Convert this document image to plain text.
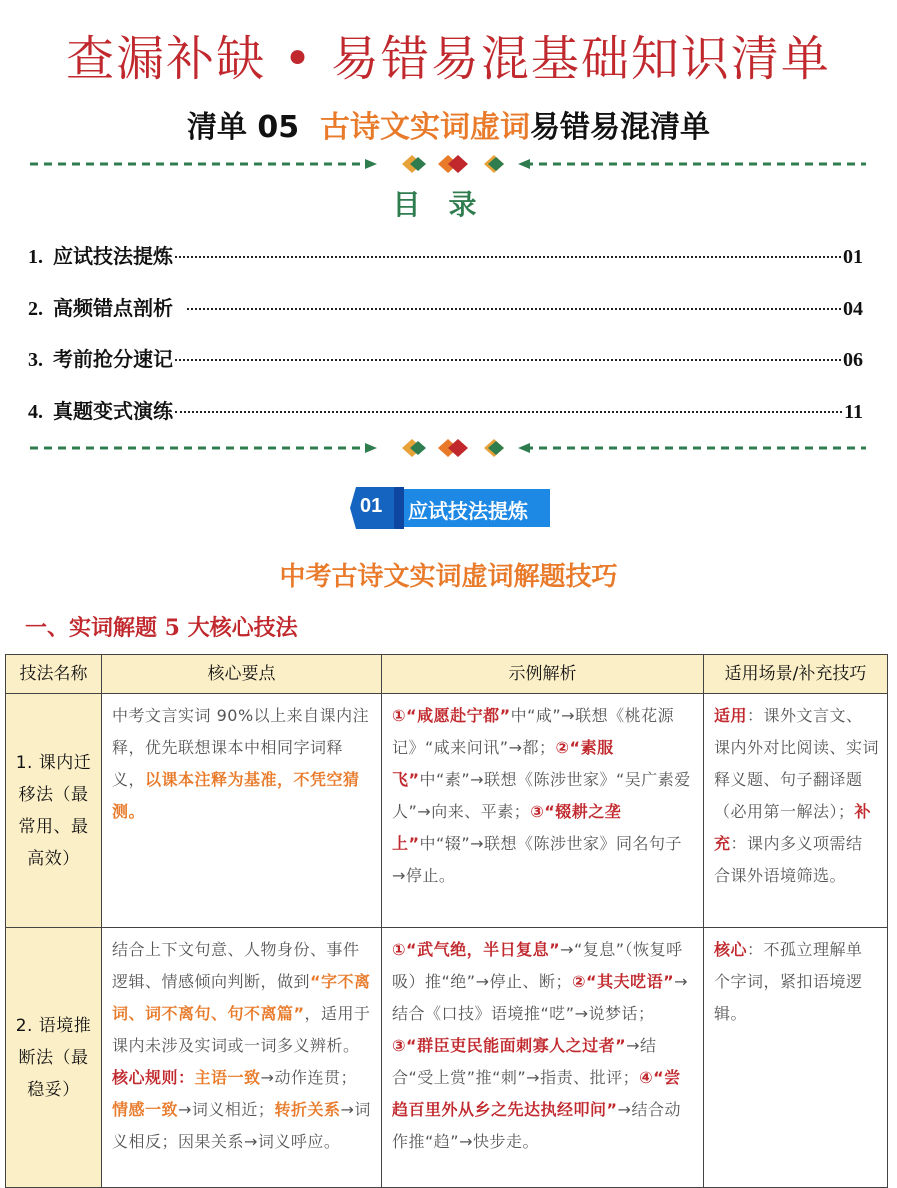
查漏补缺 • 易错易混基础知识清单
清单 05 古诗文实词虚词易错易混清单
目录
1. 应试技法提炼	01
2. 高频错点剖析	04
3. 考前抢分速记	06
4. 真题变式演练	11
01 应试技法提炼
中考古诗文实词虚词解题技巧
一、实词解题 5 大核心技法
技法名称	核心要点	示例解析	适用场景/补充技巧
1. 课内迁移法（最常用、最高效）	中考文言实词 90%以上来自课内注释，优先联想课本中相同字词释义，以课本注释为基准，不凭空猜测。	①“咸愿赴宁都”中“咸”→联想《桃花源记》“咸来问讯”→都；②“素服飞”中“素”→联想《陈涉世家》“吴广素爱人”→向来、平素；③“辍耕之垄上”中“辍”→联想《陈涉世家》同名句子→停止。	适用：课外文言文、课内外对比阅读、实词释义题、句子翻译题（必用第一解法）；补充：课内多义项需结合课外语境筛选。
2. 语境推断法（最稳妥）	结合上下文句意、人物身份、事件逻辑、情感倾向判断，做到“字不离词、词不离句、句不离篇”，适用于课内未涉及实词或一词多义辨析。核心规则：主语一致→动作连贯；情感一致→词义相近；转折关系→词义相反；因果关系→词义呼应。	①“武气绝，半日复息”→“复息”（恢复呼吸）推“绝”→停止、断；②“其夫呓语”→结合《口技》语境推“呓”→说梦话；③“群臣吏民能面刺寡人之过者”→结合“受上赏”推“刺”→指责、批评；④“尝趋百里外从乡之先达执经叩问”→结合动作推“趋”→快步走。	核心：不孤立理解单个字词，紧扣语境逻辑。
